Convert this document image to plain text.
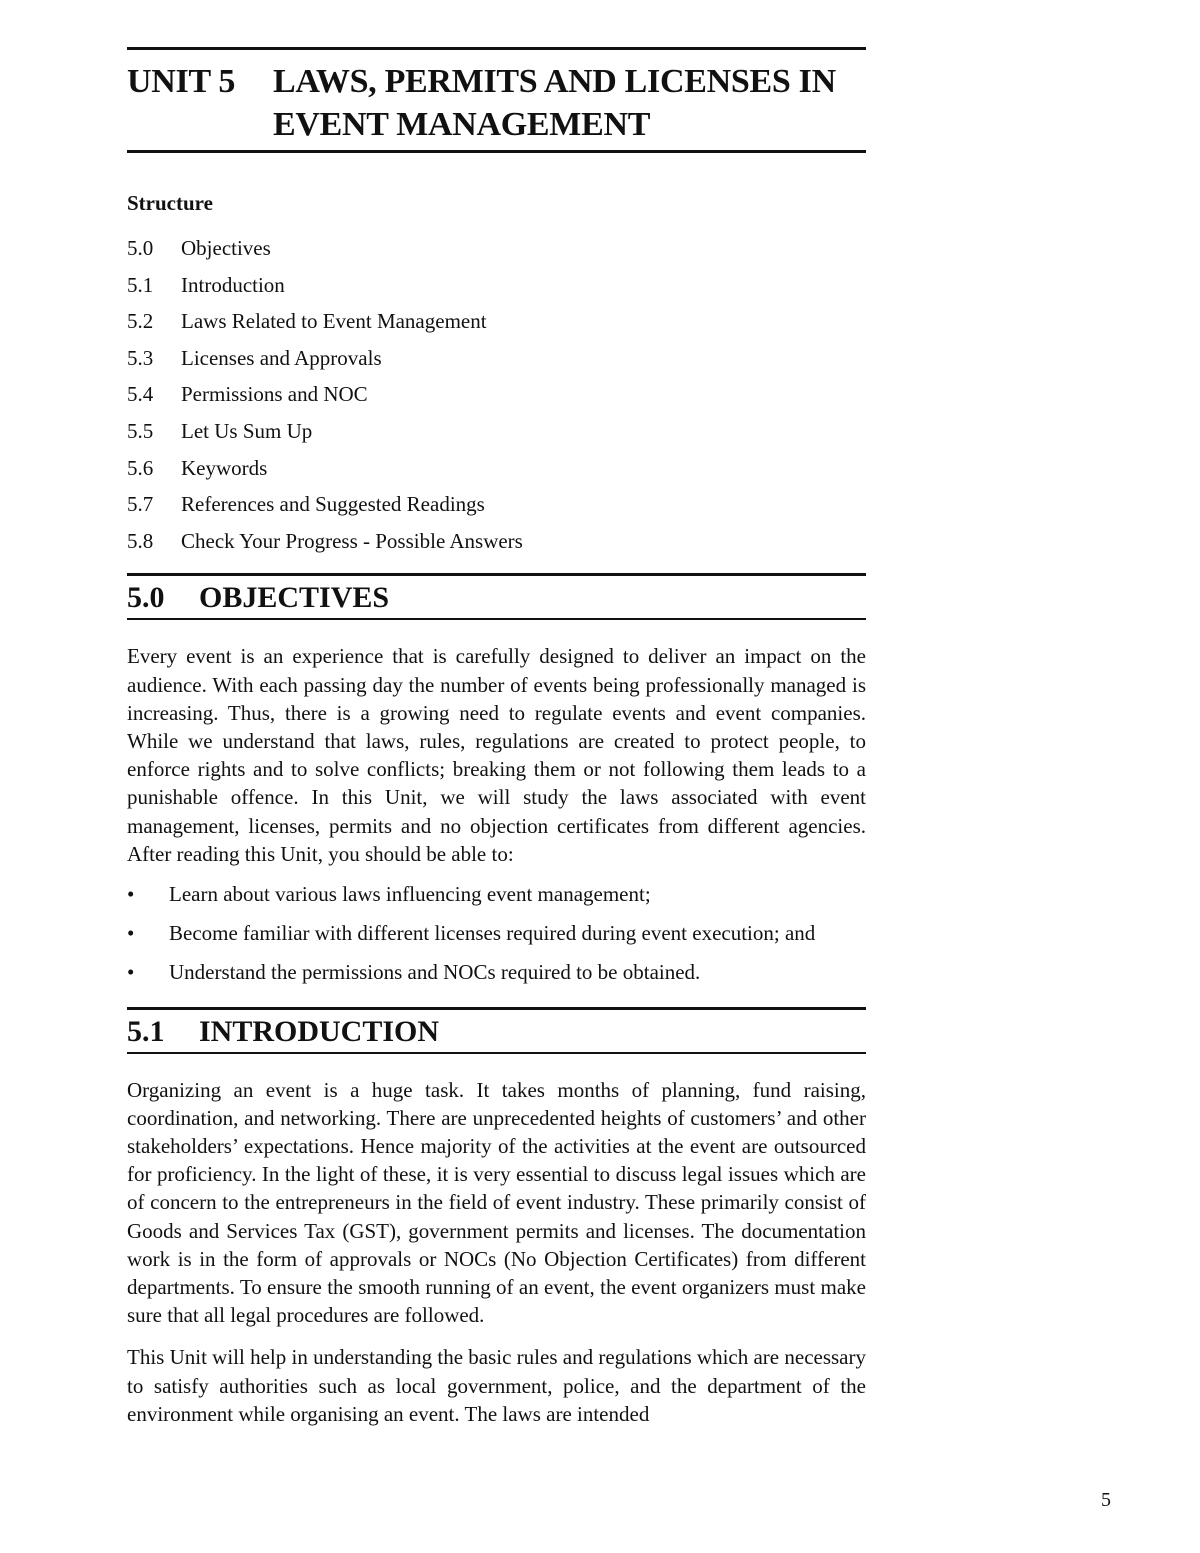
UNIT 5	LAWS, PERMITS AND LICENSES IN
EVENT MANAGEMENT
Structure
5.0	Objectives
5.1	Introduction
5.2	Laws Related to Event Management
5.3	Licenses and Approvals
5.4	Permissions and NOC
5.5	Let Us Sum Up
5.6	Keywords
5.7	References and Suggested Readings
5.8	Check Your Progress - Possible Answers
5.0	OBJECTIVES

Every event is an experience that is carefully designed to deliver an impact on the audience. With each passing day the number of events being professionally managed is increasing. Thus, there is a growing need to regulate events and event companies. While we understand that laws, rules, regulations are created to protect people, to enforce rights and to solve conflicts; breaking them or not following them leads to a punishable offence. In this Unit, we will study the laws associated with event management, licenses, permits and no objection certificates from different agencies. After reading this Unit, you should be able to:

• Learn about various laws influencing event management;
• Become familiar with different licenses required during event execution; and
• Understand the permissions and NOCs required to be obtained.
5.1	INTRODUCTION

Organizing an event is a huge task. It takes months of planning, fund raising, coordination, and networking. There are unprecedented heights of customers’ and other stakeholders’ expectations. Hence majority of the activities at the event are outsourced for proficiency. In the light of these, it is very essential to discuss legal issues which are of concern to the entrepreneurs in the field of event industry. These primarily consist of Goods and Services Tax (GST), government permits and licenses. The documentation work is in the form of approvals or NOCs (No Objection Certificates) from different departments. To ensure the smooth running of an event, the event organizers must make sure that all legal procedures are followed.

This Unit will help in understanding the basic rules and regulations which are necessary to satisfy authorities such as local government, police, and the department of the environment while organising an event. The laws are intended

5
